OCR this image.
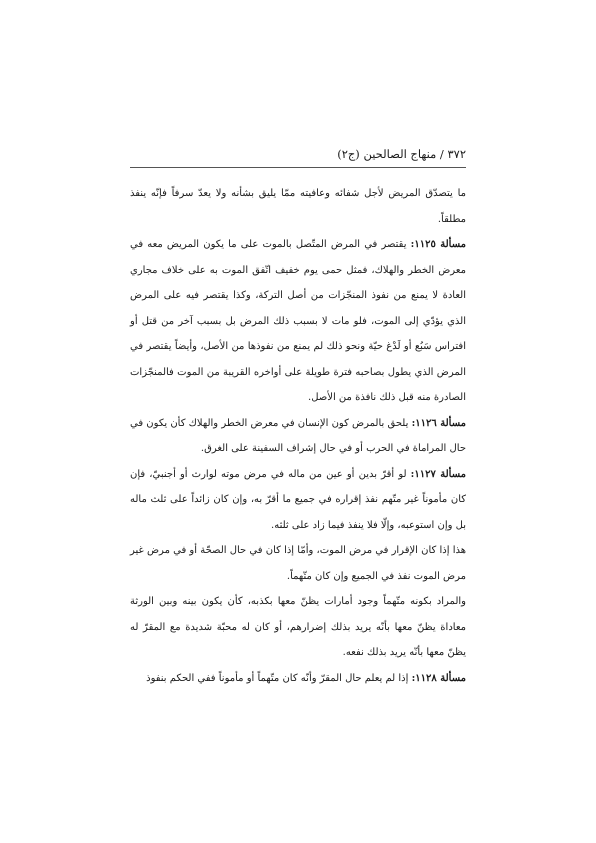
٣٧٢ / منهاج الصالحين (ج٢)

ما يتصدّق المريض لأجل شفائه وعافيته ممّا يليق بشأنه ولا يعدّ سرفاً فإنّه ينفذ مطلقاً.

مسألة ١١٢٥: يقتصر في المرض المتّصل بالموت على ما يكون المريض معه في معرض الخطر والهلاك، فمثل حمى يوم خفيف اتّفق الموت به على خلاف مجاري العادة لا يمنع من نفوذ المنجّزات من أصل التركة، وكذا يقتصر فيه على المرض الذي يؤدّي إلى الموت، فلو مات لا بسبب ذلك المرض بل بسبب آخر من قتل أو افتراس سَبُع أو لَدْغ حيّة ونحو ذلك لم يمنع من نفوذها من الأصل، وأيضاً يقتصر في المرض الذي يطول بصاحبه فترة طويلة على أواخره القريبة من الموت فالمنجّزات الصادرة منه قبل ذلك نافذة من الأصل.

مسألة ١١٢٦: يلحق بالمرض كون الإنسان في معرض الخطر والهلاك كأن يكون في حال المراماة في الحرب أو في حال إشراف السفينة على الغرق.

مسألة ١١٢٧: لو أقرّ بدين أو عين من ماله في مرض موته لوارث أو أجنبيّ، فإن كان مأموناً غير متّهم نفذ إقراره في جميع ما أقرّ به، وإن كان زائداً على ثلث ماله بل وإن استوعبه، وإلّا فلا ينفذ فيما زاد على ثلثه.

هذا إذا كان الإقرار في مرض الموت، وأمّا إذا كان في حال الصحّة أو في مرض غير مرض الموت نفذ في الجميع وإن كان متّهماً.

والمراد بكونه متّهماً وجود أمارات يظنّ معها بكذبه، كأن يكون بينه وبين الورثة معاداة يظنّ معها بأنّه يريد بذلك إضرارهم، أو كان له محبّة شديدة مع المقرّ له يظنّ معها بأنّه يريد بذلك نفعه.

مسألة ١١٢٨: إذا لم يعلم حال المقرّ وأنّه كان متّهماً أو مأموناً ففي الحكم بنفوذ
